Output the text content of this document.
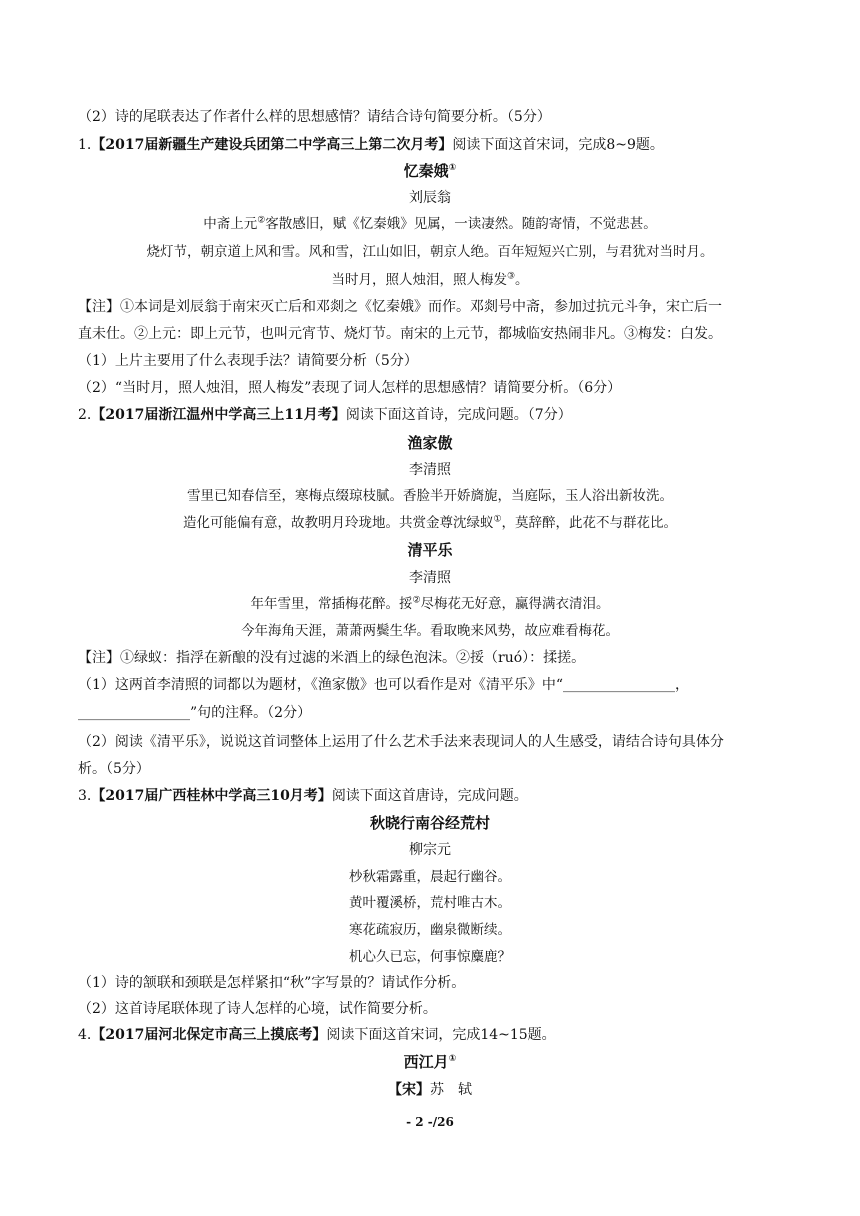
（2）诗的尾联表达了作者什么样的思想感情？请结合诗句简要分析。（5分）
1.【2017届新疆生产建设兵团第二中学高三上第二次月考】阅读下面这首宋词，完成8~9题。
忆秦娥①
刘辰翁
中斋上元②客散感旧，赋《忆秦娥》见属，一读凄然。随韵寄情，不觉悲甚。
烧灯节，朝京道上风和雪。风和雪，江山如旧，朝京人绝。百年短短兴亡别，与君犹对当时月。
当时月，照人烛泪，照人梅发③。
【注】①本词是刘辰翁于南宋灭亡后和邓剡之《忆秦娥》而作。邓剡号中斋，参加过抗元斗争，宋亡后一
直未仕。②上元：即上元节，也叫元宵节、烧灯节。南宋的上元节，都城临安热闹非凡。③梅发：白发。
（1）上片主要用了什么表现手法？请简要分析（5分）
（2）“当时月，照人烛泪，照人梅发”表现了词人怎样的思想感情？请简要分析。（6分）
2.【2017届浙江温州中学高三上11月考】阅读下面这首诗，完成问题。（7分）
渔家傲
李清照
雪里已知春信至，寒梅点缀琼枝腻。香脸半开娇旖旎，当庭际，玉人浴出新妆洗。
造化可能偏有意，故教明月玲珑地。共赏金尊沈绿蚁①，莫辞醉，此花不与群花比。
清平乐
李清照
年年雪里，常插梅花醉。挼②尽梅花无好意，赢得满衣清泪。
今年海角天涯，萧萧两鬓生华。看取晚来风势，故应难看梅花。
【注】①绿蚁：指浮在新酿的没有过滤的米酒上的绿色泡沫。②挼（ruó）：揉搓。
（1）这两首李清照的词都以为题材，《渔家傲》也可以看作是对《清平乐》中“________________，
________________”句的注释。（2分）
（2）阅读《清平乐》，说说这首词整体上运用了什么艺术手法来表现词人的人生感受，请结合诗句具体分
析。（5分）
3.【2017届广西桂林中学高三10月考】阅读下面这首唐诗，完成问题。
秋晓行南谷经荒村
柳宗元
杪秋霜露重，晨起行幽谷。
黄叶覆溪桥，荒村唯古木。
寒花疏寂历，幽泉微断续。
机心久已忘，何事惊麋鹿？
（1）诗的颔联和颈联是怎样紧扣“秋”字写景的？请试作分析。
（2）这首诗尾联体现了诗人怎样的心境，试作简要分析。
4.【2017届河北保定市高三上摸底考】阅读下面这首宋词，完成14~15题。
西江月①
【宋】苏　轼
- 2 -/26
